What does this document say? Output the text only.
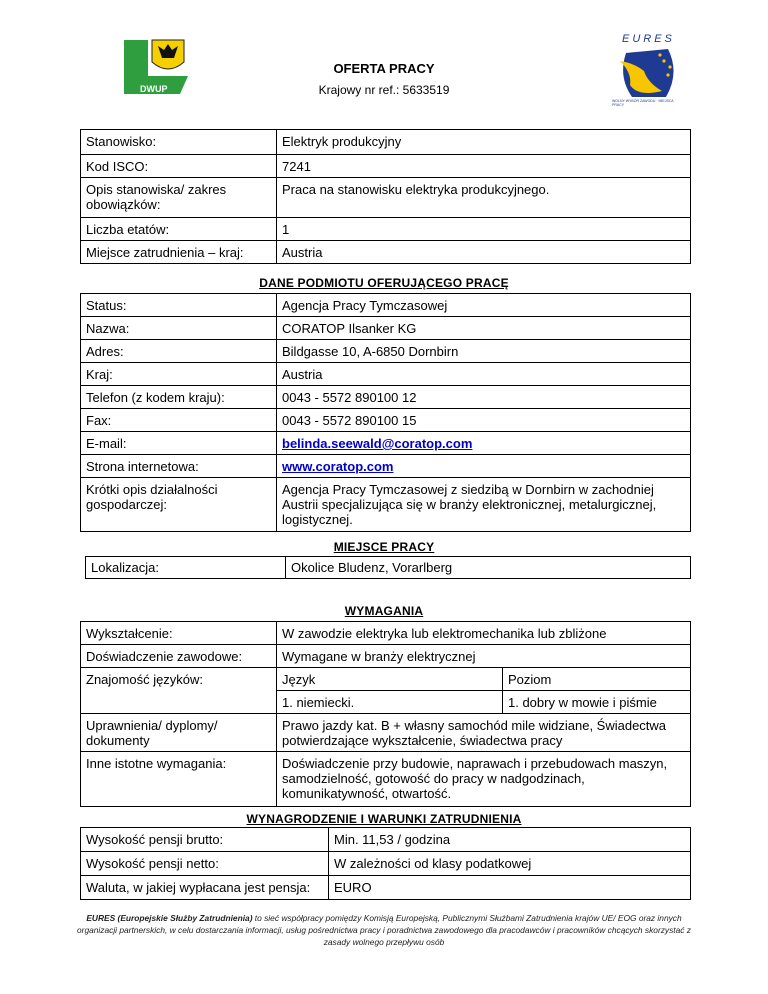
DWUP
OFERTA PRACY
Krajowy nr ref.: 5633519
EURES
WOLNY WYBÓR ZAWODU · MIEJSCA PRACY
Stanowisko:	Elektryk produkcyjny
Kod ISCO:	7241
Opis stanowiska/ zakres obowiązków:	Praca na stanowisku elektryka produkcyjnego.
Liczba etatów:	1
Miejsce zatrudnienia – kraj:	Austria
DANE PODMIOTU OFERUJĄCEGO PRACĘ
Status:	Agencja Pracy Tymczasowej
Nazwa:	CORATOP Ilsanker KG
Adres:	Bildgasse 10, A-6850 Dornbirn
Kraj:	Austria
Telefon (z kodem kraju):	0043 - 5572 890100 12
Fax:	0043 - 5572 890100 15
E-mail:	belinda.seewald@coratop.com
Strona internetowa:	www.coratop.com
Krótki opis działalności gospodarczej:	Agencja Pracy Tymczasowej z siedzibą w Dornbirn w zachodniej Austrii specjalizująca się w branży elektronicznej, metalurgicznej, logistycznej.
MIEJSCE PRACY
Lokalizacja:	Okolice Bludenz, Vorarlberg
WYMAGANIA
Wykształcenie:	W zawodzie elektryka lub elektromechanika lub zbliżone	
Doświadczenie zawodowe:	Wymagane w branży elektrycznej	
Znajomość języków:	Język	Poziom
	1. niemiecki.	1. dobry w mowie i piśmie
Uprawnienia/ dyplomy/ dokumenty	Prawo jazdy kat. B + własny samochód mile widziane, Świadectwa potwierdzające wykształcenie, świadectwa pracy	
Inne istotne wymagania:	Doświadczenie przy budowie, naprawach i przebudowach maszyn, samodzielność, gotowość do pracy w nadgodzinach, komunikatywność, otwartość.	
WYNAGRODZENIE I WARUNKI ZATRUDNIENIA
Wysokość pensji brutto:	Min. 11,53 / godzina
Wysokość pensji netto:	W zależności od klasy podatkowej
Waluta, w jakiej wypłacana jest pensja:	EURO
EURES (Europejskie Służby Zatrudnienia) to sieć współpracy pomiędzy Komisją Europejską, Publicznymi Służbami Zatrudnienia krajów UE/ EOG oraz innych organizacji partnerskich, w celu dostarczania informacji, usług pośrednictwa pracy i poradnictwa zawodowego dla pracodawców i pracowników chcących skorzystać z zasady wolnego przepływu osób
